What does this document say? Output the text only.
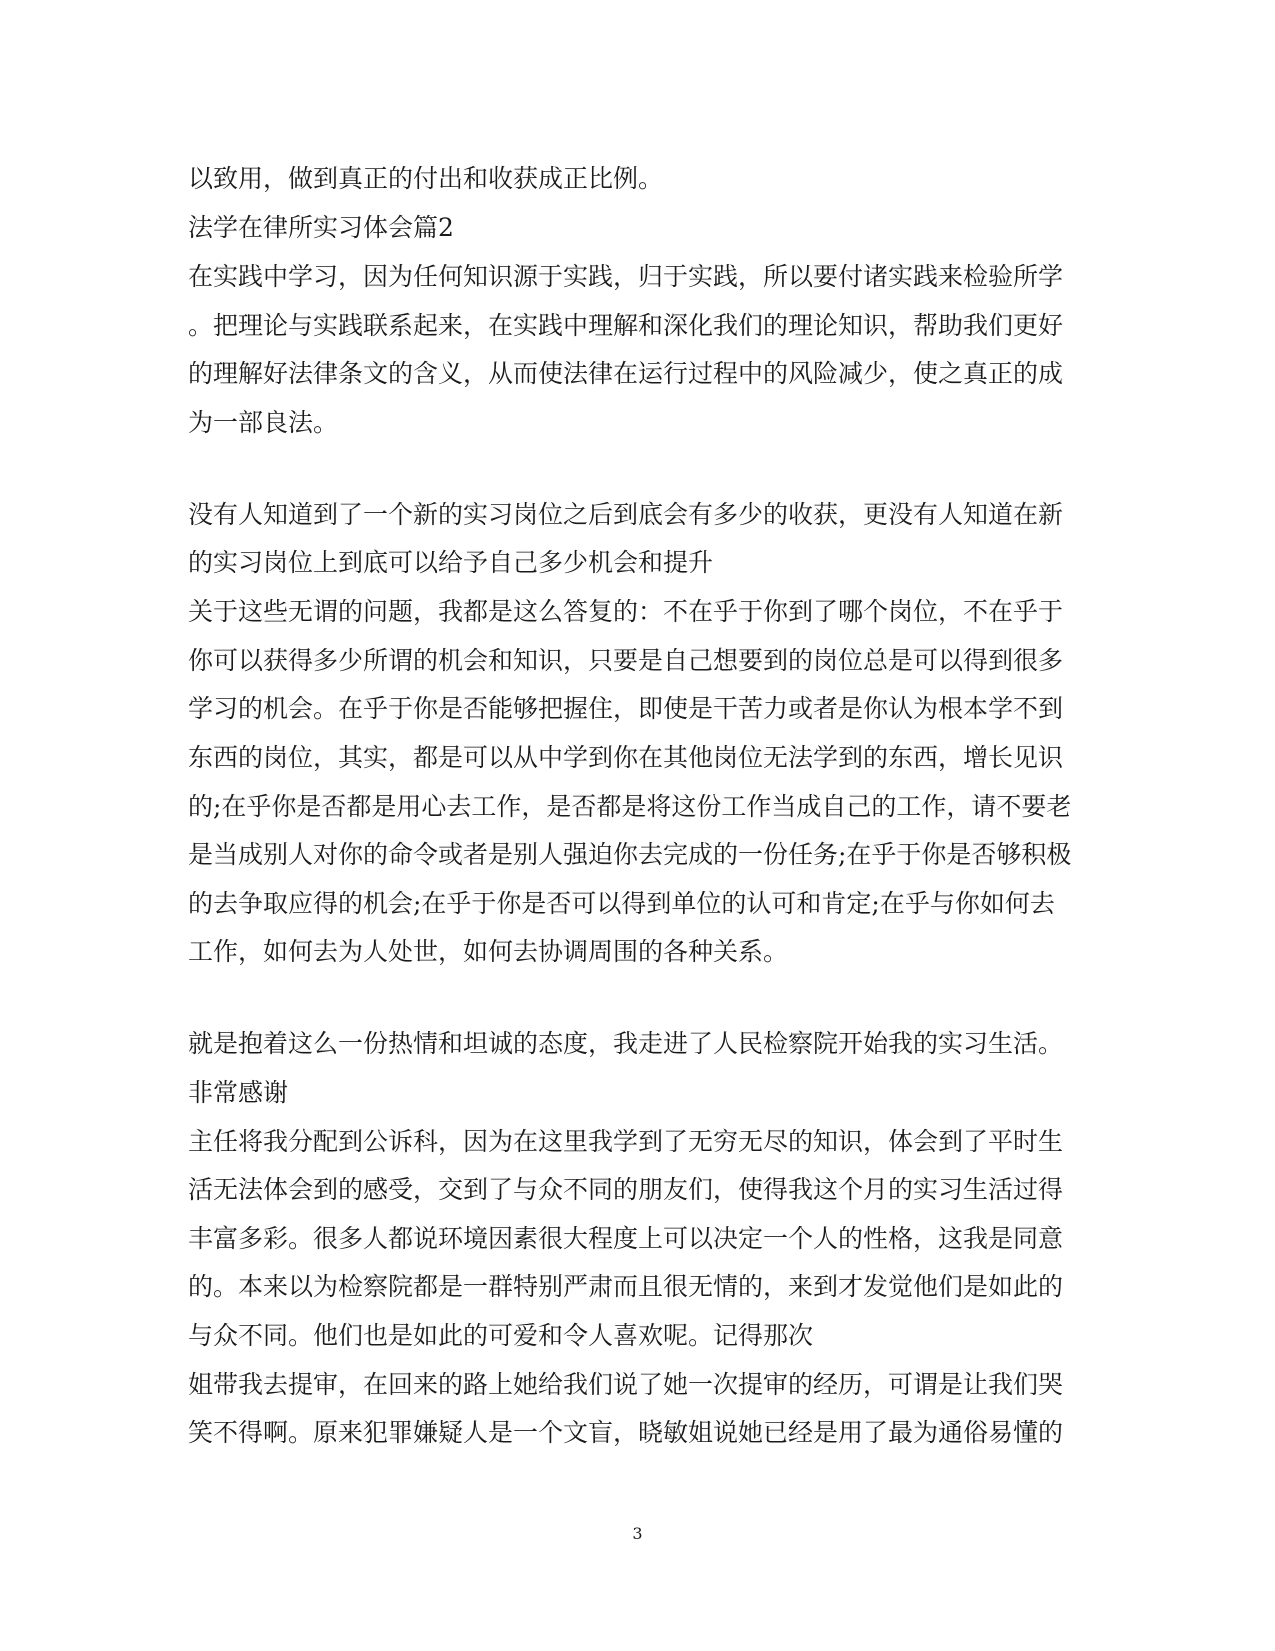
以致用，做到真正的付出和收获成正比例。
法学在律所实习体会篇2
在实践中学习，因为任何知识源于实践，归于实践，所以要付诸实践来检验所学
。把理论与实践联系起来，在实践中理解和深化我们的理论知识，帮助我们更好
的理解好法律条文的含义，从而使法律在运行过程中的风险减少，使之真正的成
为一部良法。
没有人知道到了一个新的实习岗位之后到底会有多少的收获，更没有人知道在新
的实习岗位上到底可以给予自己多少机会和提升
关于这些无谓的问题，我都是这么答复的：不在乎于你到了哪个岗位，不在乎于
你可以获得多少所谓的机会和知识，只要是自己想要到的岗位总是可以得到很多
学习的机会。在乎于你是否能够把握住，即使是干苦力或者是你认为根本学不到
东西的岗位，其实，都是可以从中学到你在其他岗位无法学到的东西，增长见识
的;在乎你是否都是用心去工作，是否都是将这份工作当成自己的工作，请不要老
是当成别人对你的命令或者是别人强迫你去完成的一份任务;在乎于你是否够积极
的去争取应得的机会;在乎于你是否可以得到单位的认可和肯定;在乎与你如何去
工作，如何去为人处世，如何去协调周围的各种关系。
就是抱着这么一份热情和坦诚的态度，我走进了人民检察院开始我的实习生活。
非常感谢
主任将我分配到公诉科，因为在这里我学到了无穷无尽的知识，体会到了平时生
活无法体会到的感受，交到了与众不同的朋友们，使得我这个月的实习生活过得
丰富多彩。很多人都说环境因素很大程度上可以决定一个人的性格，这我是同意
的。本来以为检察院都是一群特别严肃而且很无情的，来到才发觉他们是如此的
与众不同。他们也是如此的可爱和令人喜欢呢。记得那次
姐带我去提审，在回来的路上她给我们说了她一次提审的经历，可谓是让我们哭
笑不得啊。原来犯罪嫌疑人是一个文盲，晓敏姐说她已经是用了最为通俗易懂的
3
